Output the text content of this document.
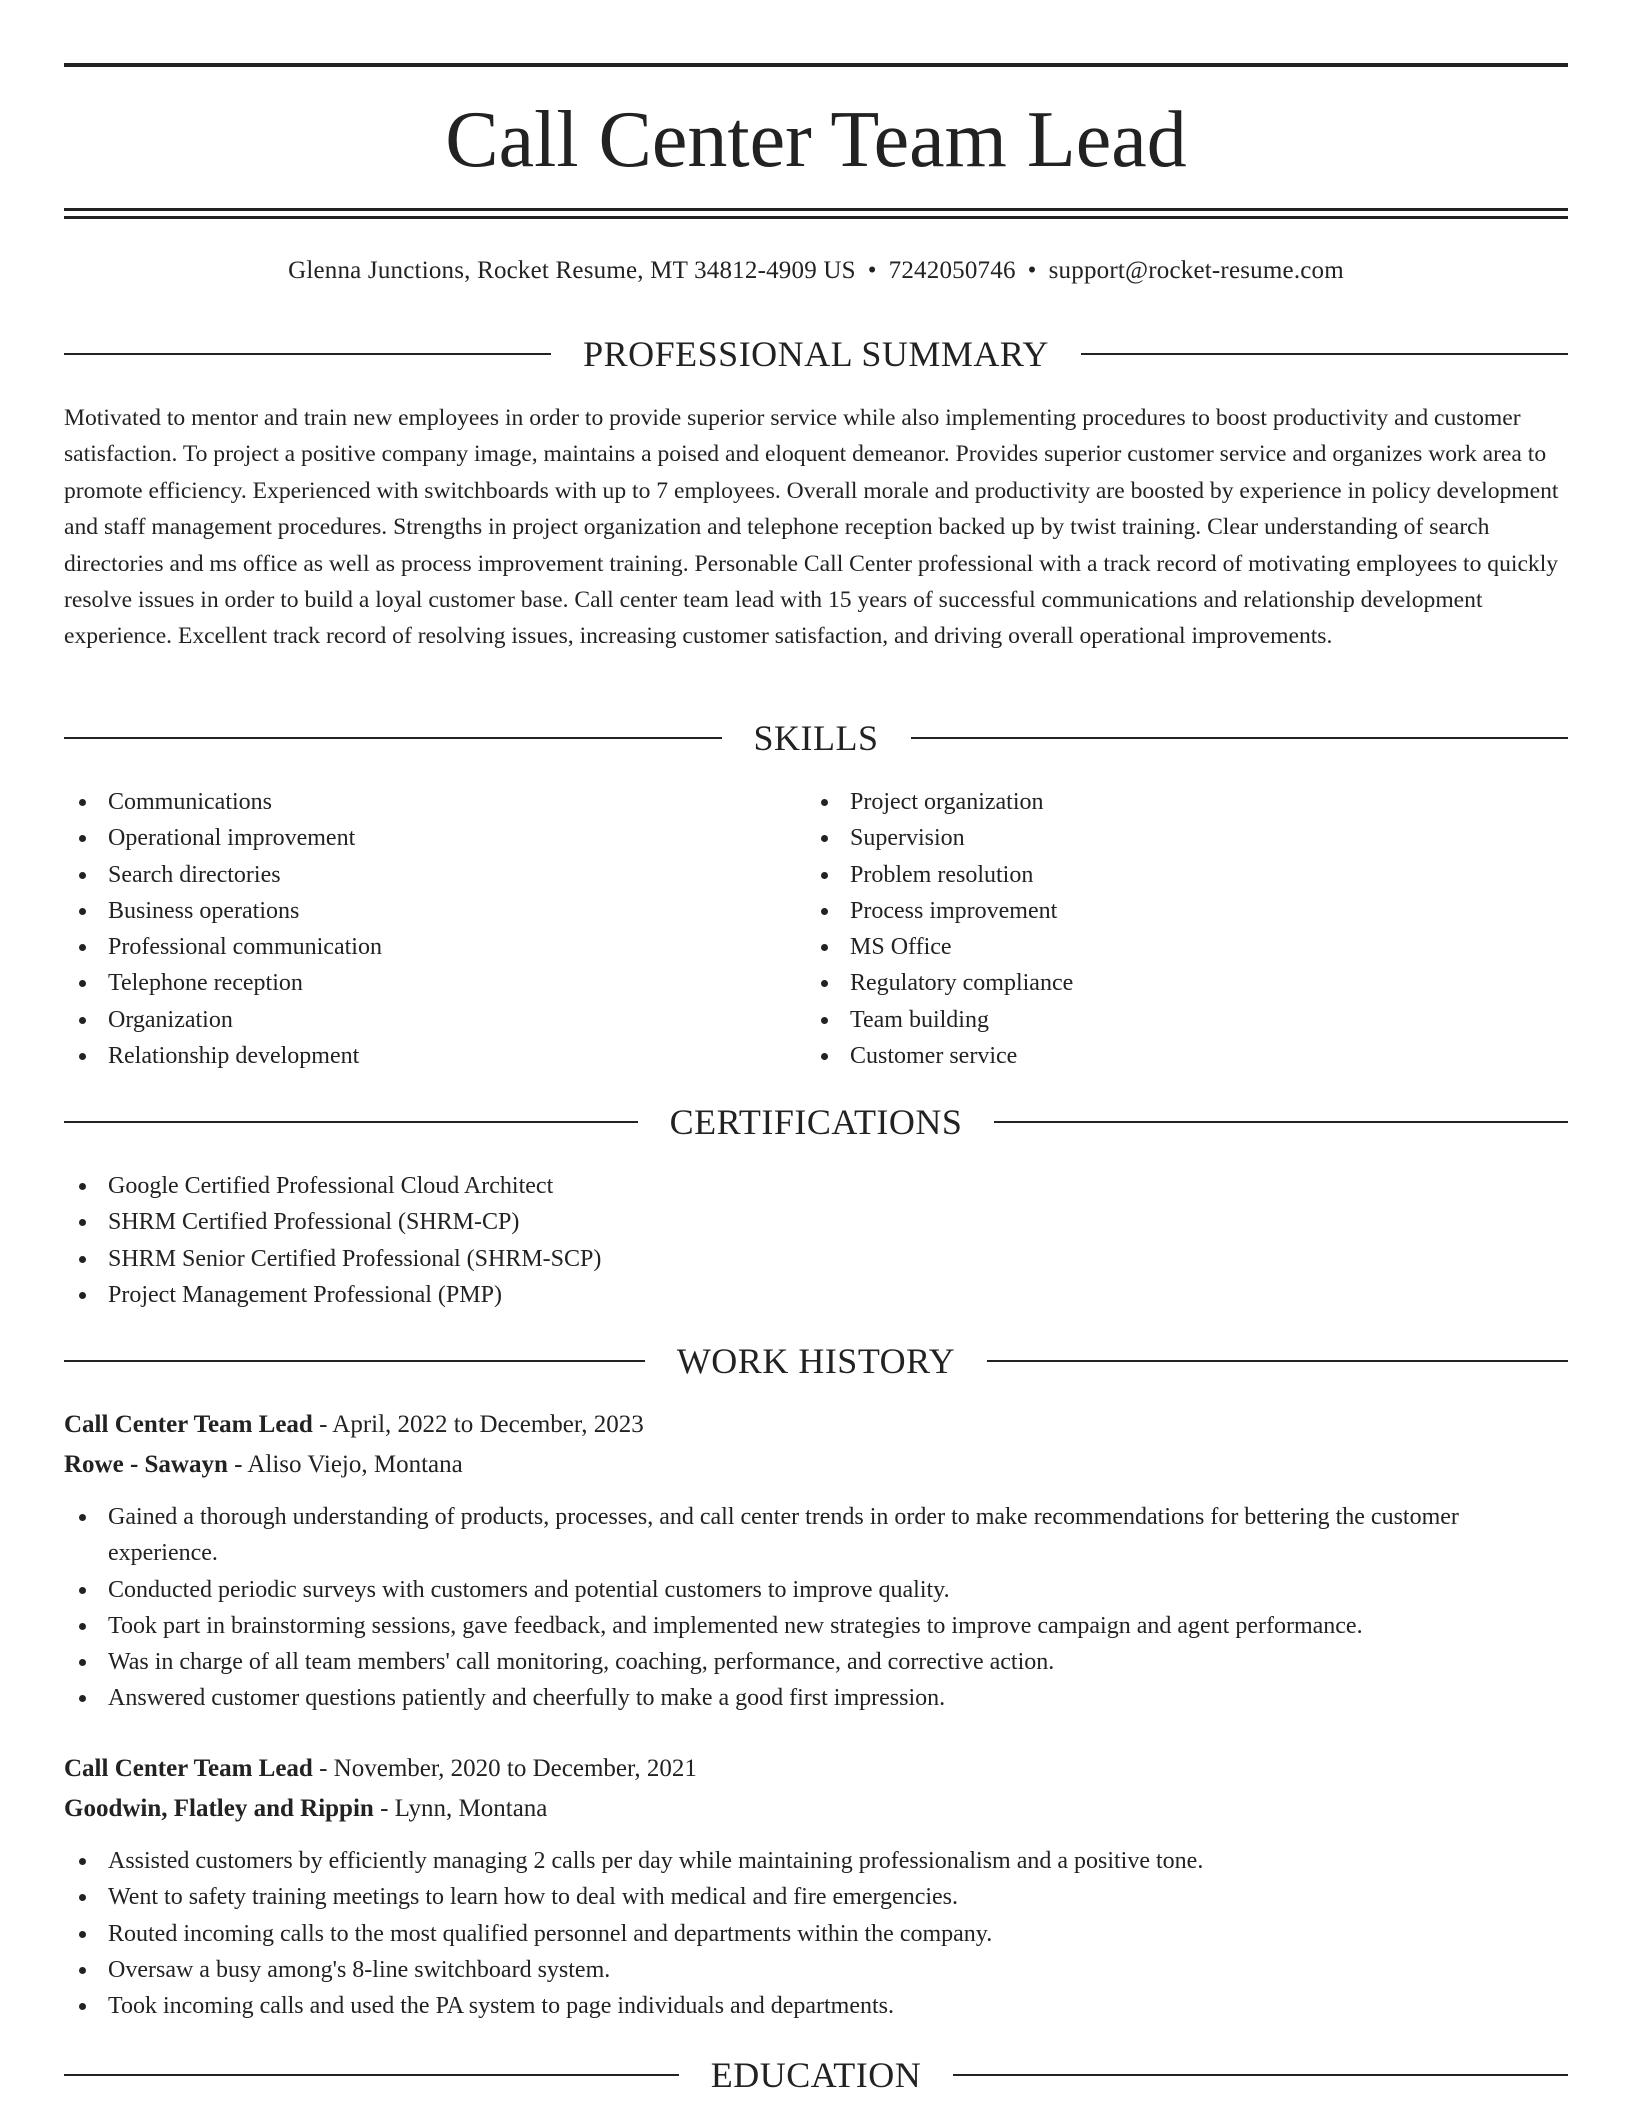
Call Center Team Lead
Glenna Junctions, Rocket Resume, MT 34812-4909 US • 7242050746 • support@rocket-resume.com
PROFESSIONAL SUMMARY

Motivated to mentor and train new employees in order to provide superior service while also implementing procedures to boost productivity and customer satisfaction. To project a positive company image, maintains a poised and eloquent demeanor. Provides superior customer service and organizes work area to promote efficiency. Experienced with switchboards with up to 7 employees. Overall morale and productivity are boosted by experience in policy development and staff management procedures. Strengths in project organization and telephone reception backed up by twist training. Clear understanding of search directories and ms office as well as process improvement training. Personable Call Center professional with a track record of motivating employees to quickly resolve issues in order to build a loyal customer base. Call center team lead with 15 years of successful communications and relationship development experience. Excellent track record of resolving issues, increasing customer satisfaction, and driving overall operational improvements.

SKILLS
Communications
Operational improvement
Search directories
Business operations
Professional communication
Telephone reception
Organization
Relationship development
Project organization
Supervision
Problem resolution
Process improvement
MS Office
Regulatory compliance
Team building
Customer service
CERTIFICATIONS
Google Certified Professional Cloud Architect
SHRM Certified Professional (SHRM-CP)
SHRM Senior Certified Professional (SHRM-SCP)
Project Management Professional (PMP)
WORK HISTORY
Call Center Team Lead - April, 2022 to December, 2023
Rowe - Sawayn - Aliso Viejo, Montana
Gained a thorough understanding of products, processes, and call center trends in order to make recommendations for bettering the customer experience.
Conducted periodic surveys with customers and potential customers to improve quality.
Took part in brainstorming sessions, gave feedback, and implemented new strategies to improve campaign and agent performance.
Was in charge of all team members' call monitoring, coaching, performance, and corrective action.
Answered customer questions patiently and cheerfully to make a good first impression.
Call Center Team Lead - November, 2020 to December, 2021
Goodwin, Flatley and Rippin - Lynn, Montana
Assisted customers by efficiently managing 2 calls per day while maintaining professionalism and a positive tone.
Went to safety training meetings to learn how to deal with medical and fire emergencies.
Routed incoming calls to the most qualified personnel and departments within the company.
Oversaw a busy among's 8-line switchboard system.
Took incoming calls and used the PA system to page individuals and departments.
EDUCATION
